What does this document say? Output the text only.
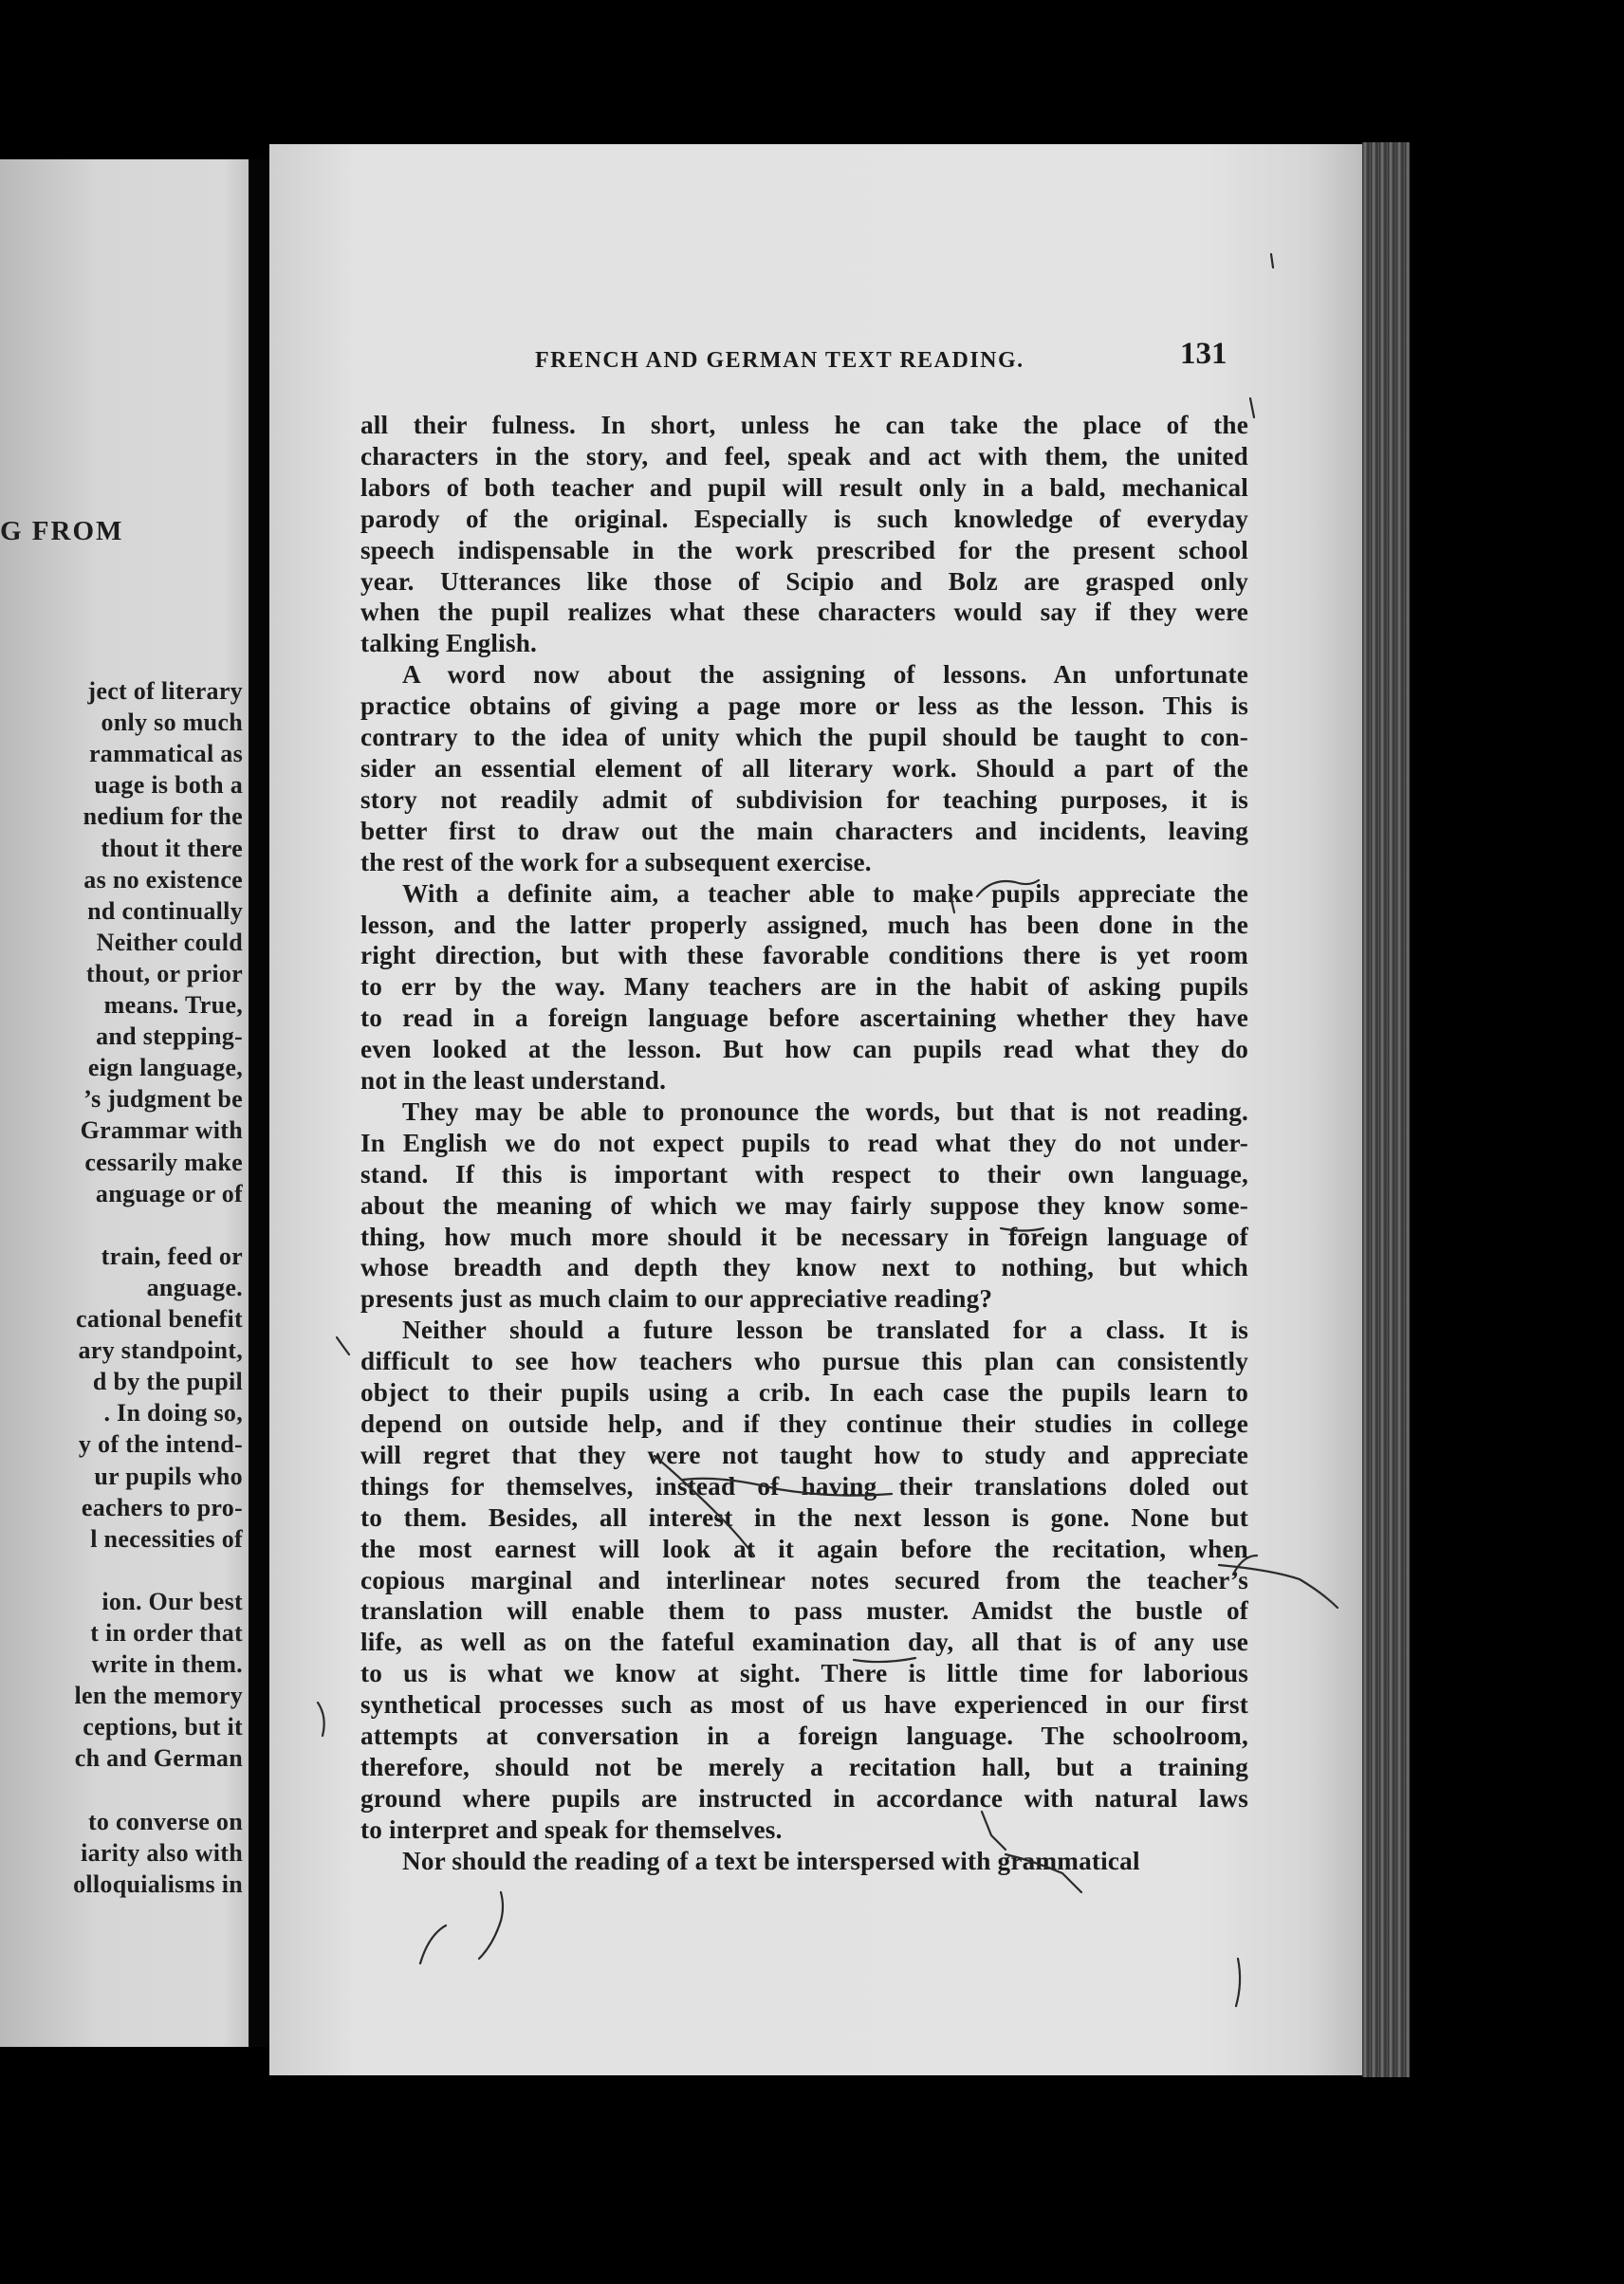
G FROM

ject of literary

only so much

rammatical as

uage is both a

nedium for the

thout it there

as no existence

nd continually

Neither could

thout, or prior

means. True,

and stepping-

eign language,

’s judgment be

Grammar with

cessarily make

anguage or of

train, feed or

anguage.

cational benefit

ary standpoint,

d by the pupil

. In doing so,

y of the intend-

ur pupils who

eachers to pro-

l necessities of

ion. Our best

t in order that

write in them.

len the memory

ceptions, but it

ch and German

to converse on

iarity also with

olloquialisms in

FRENCH AND GERMAN TEXT READING.	131

all their fulness. In short, unless he can take the place of the
characters in the story, and feel, speak and act with them, the united
labors of both teacher and pupil will result only in a bald, mechanical
parody of the original. Especially is such knowledge of everyday
speech indispensable in the work prescribed for the present school
year. Utterances like those of Scipio and Bolz are grasped only
when the pupil realizes what these characters would say if they were
talking English.
A word now about the assigning of lessons. An unfortunate
practice obtains of giving a page more or less as the lesson. This is
contrary to the idea of unity which the pupil should be taught to con-
sider an essential element of all literary work. Should a part of the
story not readily admit of subdivision for teaching purposes, it is
better first to draw out the main characters and incidents, leaving
the rest of the work for a subsequent exercise.
With a definite aim, a teacher able to make pupils appreciate the
lesson, and the latter properly assigned, much has been done in the
right direction, but with these favorable conditions there is yet room
to err by the way. Many teachers are in the habit of asking pupils
to read in a foreign language before ascertaining whether they have
even looked at the lesson. But how can pupils read what they do
not in the least understand.
They may be able to pronounce the words, but that is not reading.
In English we do not expect pupils to read what they do not under-
stand. If this is important with respect to their own language,
about the meaning of which we may fairly suppose they know some-
thing, how much more should it be necessary in foreign language of
whose breadth and depth they know next to nothing, but which
presents just as much claim to our appreciative reading?
Neither should a future lesson be translated for a class. It is
difficult to see how teachers who pursue this plan can consistently
object to their pupils using a crib. In each case the pupils learn to
depend on outside help, and if they continue their studies in college
will regret that they were not taught how to study and appreciate
things for themselves, instead of having their translations doled out
to them. Besides, all interest in the next lesson is gone. None but
the most earnest will look at it again before the recitation, when
copious marginal and interlinear notes secured from the teacher’s
translation will enable them to pass muster. Amidst the bustle of
life, as well as on the fateful examination day, all that is of any use
to us is what we know at sight. There is little time for laborious
synthetical processes such as most of us have experienced in our first
attempts at conversation in a foreign language. The schoolroom,
therefore, should not be merely a recitation hall, but a training
ground where pupils are instructed in accordance with natural laws
to interpret and speak for themselves.
Nor should the reading of a text be interspersed with grammatical
